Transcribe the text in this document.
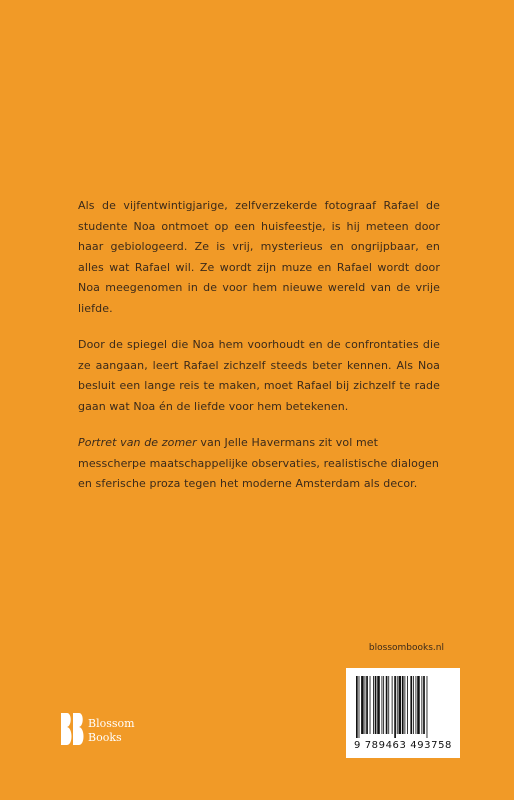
Als de vijfentwintigjarige, zelfverzekerde fotograaf Rafael de studente Noa ontmoet op een huisfeestje, is hij meteen door haar gebiologeerd. Ze is vrij, mysterieus en ongrijpbaar, en alles wat Rafael wil. Ze wordt zijn muze en Rafael wordt door Noa meegenomen in de voor hem nieuwe wereld van de vrije liefde.

Door de spiegel die Noa hem voorhoudt en de confrontaties die ze aangaan, leert Rafael zichzelf steeds beter kennen. Als Noa besluit een lange reis te maken, moet Rafael bij zichzelf te rade gaan wat Noa én de liefde voor hem betekenen.

Portret van de zomer van Jelle Havermans zit vol met messcherpe maatschappelijke observaties, realistische dialogen en sferische proza tegen het moderne Amsterdam als decor.

blossombooks.nl
9 789463 493758
Blossom
Books
